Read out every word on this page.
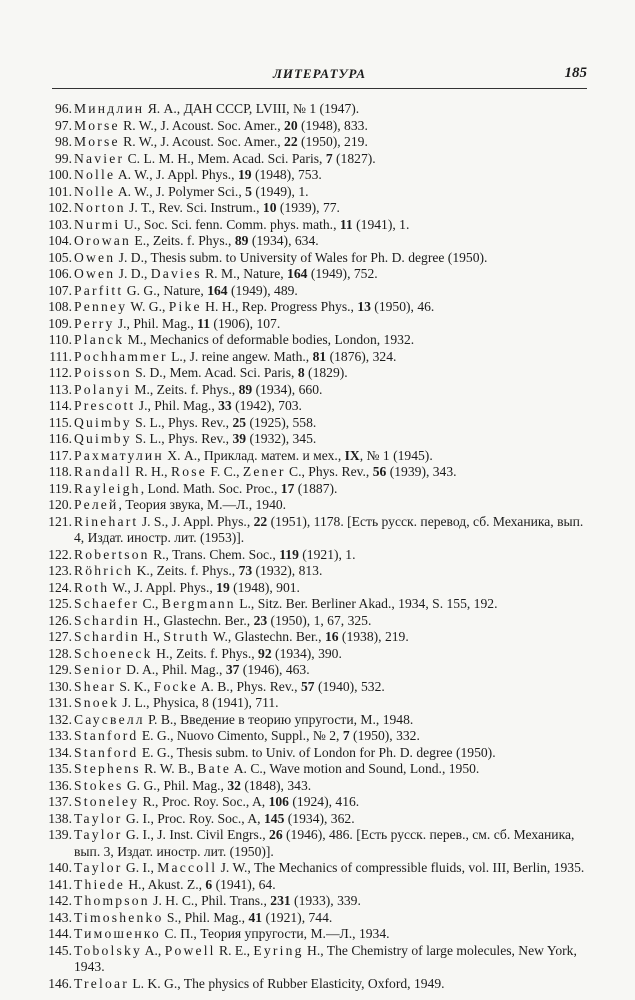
ЛИТЕРАТУРА	185
96 . Миндлин Я. А., ДАН СССР, LVIII, № 1 (1947).
97 . Morse R. W., J. Acoust. Soc. Amer., 20 (1948), 833.
98 . Morse R. W., J. Acoust. Soc. Amer., 22 (1950), 219.
99 . Navier C. L. M. H., Mem. Acad. Sci. Paris, 7 (1827).
100 . Nolle A. W., J. Appl. Phys., 19 (1948), 753.
101 . Nolle A. W., J. Polymer Sci., 5 (1949), 1.
102 . Norton J. T., Rev. Sci. Instrum., 10 (1939), 77.
103 . Nurmi U., Soc. Sci. fenn. Comm. phys. math., 11 (1941), 1.
104 . Orowan E., Zeits. f. Phys., 89 (1934), 634.
105 . Owen J. D., Thesis subm. to University of Wales for Ph. D. degree (1950).
106 . Owen J. D., Davies R. M., Nature, 164 (1949), 752.
107 . Parfitt G. G., Nature, 164 (1949), 489.
108 . Penney W. G., Pike H. H., Rep. Progress Phys., 13 (1950), 46.
109 . Perry J., Phil. Mag., 11 (1906), 107.
110 . Planck M., Mechanics of deformable bodies, London, 1932.
111 . Pochhammer L., J. reine angew. Math., 81 (1876), 324.
112 . Poisson S. D., Mem. Acad. Sci. Paris, 8 (1829).
113 . Polanyi M., Zeits. f. Phys., 89 (1934), 660.
114 . Prescott J., Phil. Mag., 33 (1942), 703.
115 . Quimby S. L., Phys. Rev., 25 (1925), 558.
116 . Quimby S. L., Phys. Rev., 39 (1932), 345.
117 . Рахматулин Х. А., Приклад. матем. и мех., IX, № 1 (1945).
118 . Randall R. H., Rose F. C., Zener C., Phys. Rev., 56 (1939), 343.
119 . Rayleigh, Lond. Math. Soc. Proc., 17 (1887).
120 . Релей, Теория звука, М.—Л., 1940.
121 . Rinehart J. S., J. Appl. Phys., 22 (1951), 1178. [Есть русск. перевод, сб. Механика, вып. 4, Издат. иностр. лит. (1953)].
122 . Robertson R., Trans. Chem. Soc., 119 (1921), 1.
123 . Röhrich K., Zeits. f. Phys., 73 (1932), 813.
124 . Roth W., J. Appl. Phys., 19 (1948), 901.
125 . Schaefer C., Bergmann L., Sitz. Ber. Berliner Akad., 1934, S. 155, 192.
126 . Schardin H., Glastechn. Ber., 23 (1950), 1, 67, 325.
127 . Schardin H., Struth W., Glastechn. Ber., 16 (1938), 219.
128 . Schoeneck H., Zeits. f. Phys., 92 (1934), 390.
129 . Senior D. A., Phil. Mag., 37 (1946), 463.
130 . Shear S. K., Focke A. B., Phys. Rev., 57 (1940), 532.
131 . Snoek J. L., Physica, 8 (1941), 711.
132 . Саусвелл Р. В., Введение в теорию упругости, М., 1948.
133 . Stanford E. G., Nuovo Cimento, Suppl., № 2, 7 (1950), 332.
134 . Stanford E. G., Thesis subm. to Univ. of London for Ph. D. degree (1950).
135 . Stephens R. W. B., Bate A. C., Wave motion and Sound, Lond., 1950.
136 . Stokes G. G., Phil. Mag., 32 (1848), 343.
137 . Stoneley R., Proc. Roy. Soc., A, 106 (1924), 416.
138 . Taylor G. I., Proc. Roy. Soc., A, 145 (1934), 362.
139 . Taylor G. I., J. Inst. Civil Engrs., 26 (1946), 486. [Есть русск. перев., см. сб. Механика, вып. 3, Издат. иностр. лит. (1950)].
140 . Taylor G. I., Maccoll J. W., The Mechanics of compressible fluids, vol. III, Berlin, 1935.
141 . Thiede H., Akust. Z., 6 (1941), 64.
142 . Thompson J. H. C., Phil. Trans., 231 (1933), 339.
143 . Timoshenko S., Phil. Mag., 41 (1921), 744.
144 . Тимошенко С. П., Теория упругости, М.—Л., 1934.
145 . Tobolsky A., Powell R. E., Eyring H., The Chemistry of large molecules, New York, 1943.
146 . Treloar L. K. G., The physics of Rubber Elasticity, Oxford, 1949.
